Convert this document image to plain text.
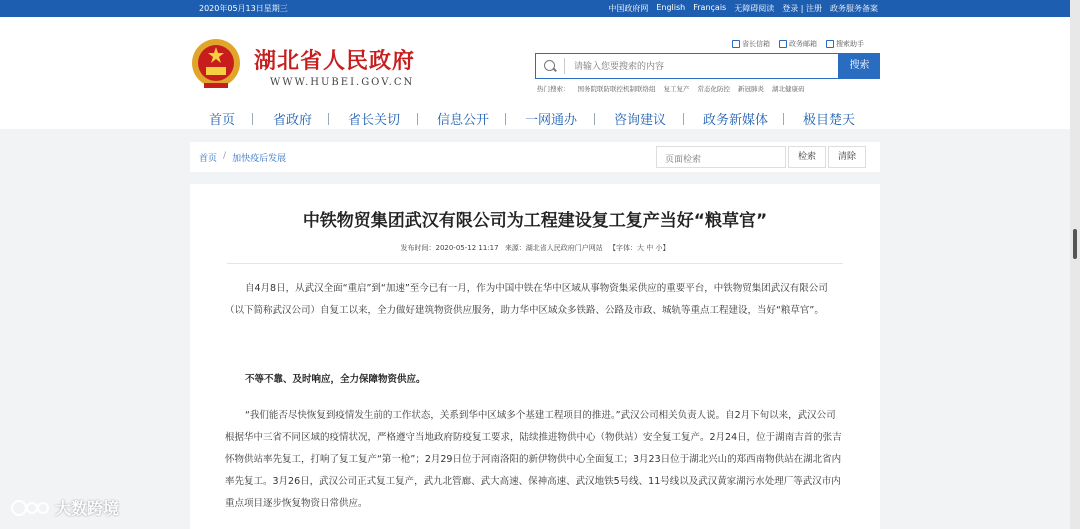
2020年05月13日星期三	中国政府网 English Français 无障碍阅读 登录 | 注册 政务服务备案
湖北省人民政府
WWW.HUBEI.GOV.CN
省长信箱	政务邮箱	搜索助手
请输入您要搜索的内容
搜索
热门搜索： 国务院联防联控机制联络组 复工复产 常态化防控 新冠肺炎 湖北健康码
首页	省政府	省长关切	信息公开	一网通办	咨询建议	政务新媒体	极目楚天
首页 / 加快疫后发展
页面检索	检索	清除
中铁物贸集团武汉有限公司为工程建设复工复产当好“粮草官”
发布时间：2020-05-12 11:17 来源：湖北省人民政府门户网站 【字体：大 中 小】
自4月8日，从武汉全面“重启”到“加速”至今已有一月，作为中国中铁在华中区域从事物资集采供应的重要平台，中铁物贸集团武汉有限公司（以下简称武汉公司）自复工以来，全力做好建筑物资供应服务，助力华中区域众多铁路、公路及市政、城轨等重点工程建设，当好“粮草官”。
不等不靠、及时响应，全力保障物资供应。
“我们能否尽快恢复到疫情发生前的工作状态，关系到华中区域多个基建工程项目的推进。”武汉公司相关负责人说。自2月下旬以来，武汉公司根据华中三省不同区域的疫情状况，严格遵守当地政府防疫复工要求，陆续推进物供中心（物供站）安全复工复产。2月24日，位于湖南吉首的张吉怀物供站率先复工，打响了复工复产“第一枪”；2月29日位于河南洛阳的新伊物供中心全面复工；3月23日位于湖北兴山的郑西南物供站在湖北省内率先复工。3月26日，武汉公司正式复工复产，武九北管廊、武大高速、保神高速、武汉地铁5号线、11号线以及武汉黄家湖污水处理厂等武汉市内重点项目逐步恢复物资日常供应。
大数跨境
